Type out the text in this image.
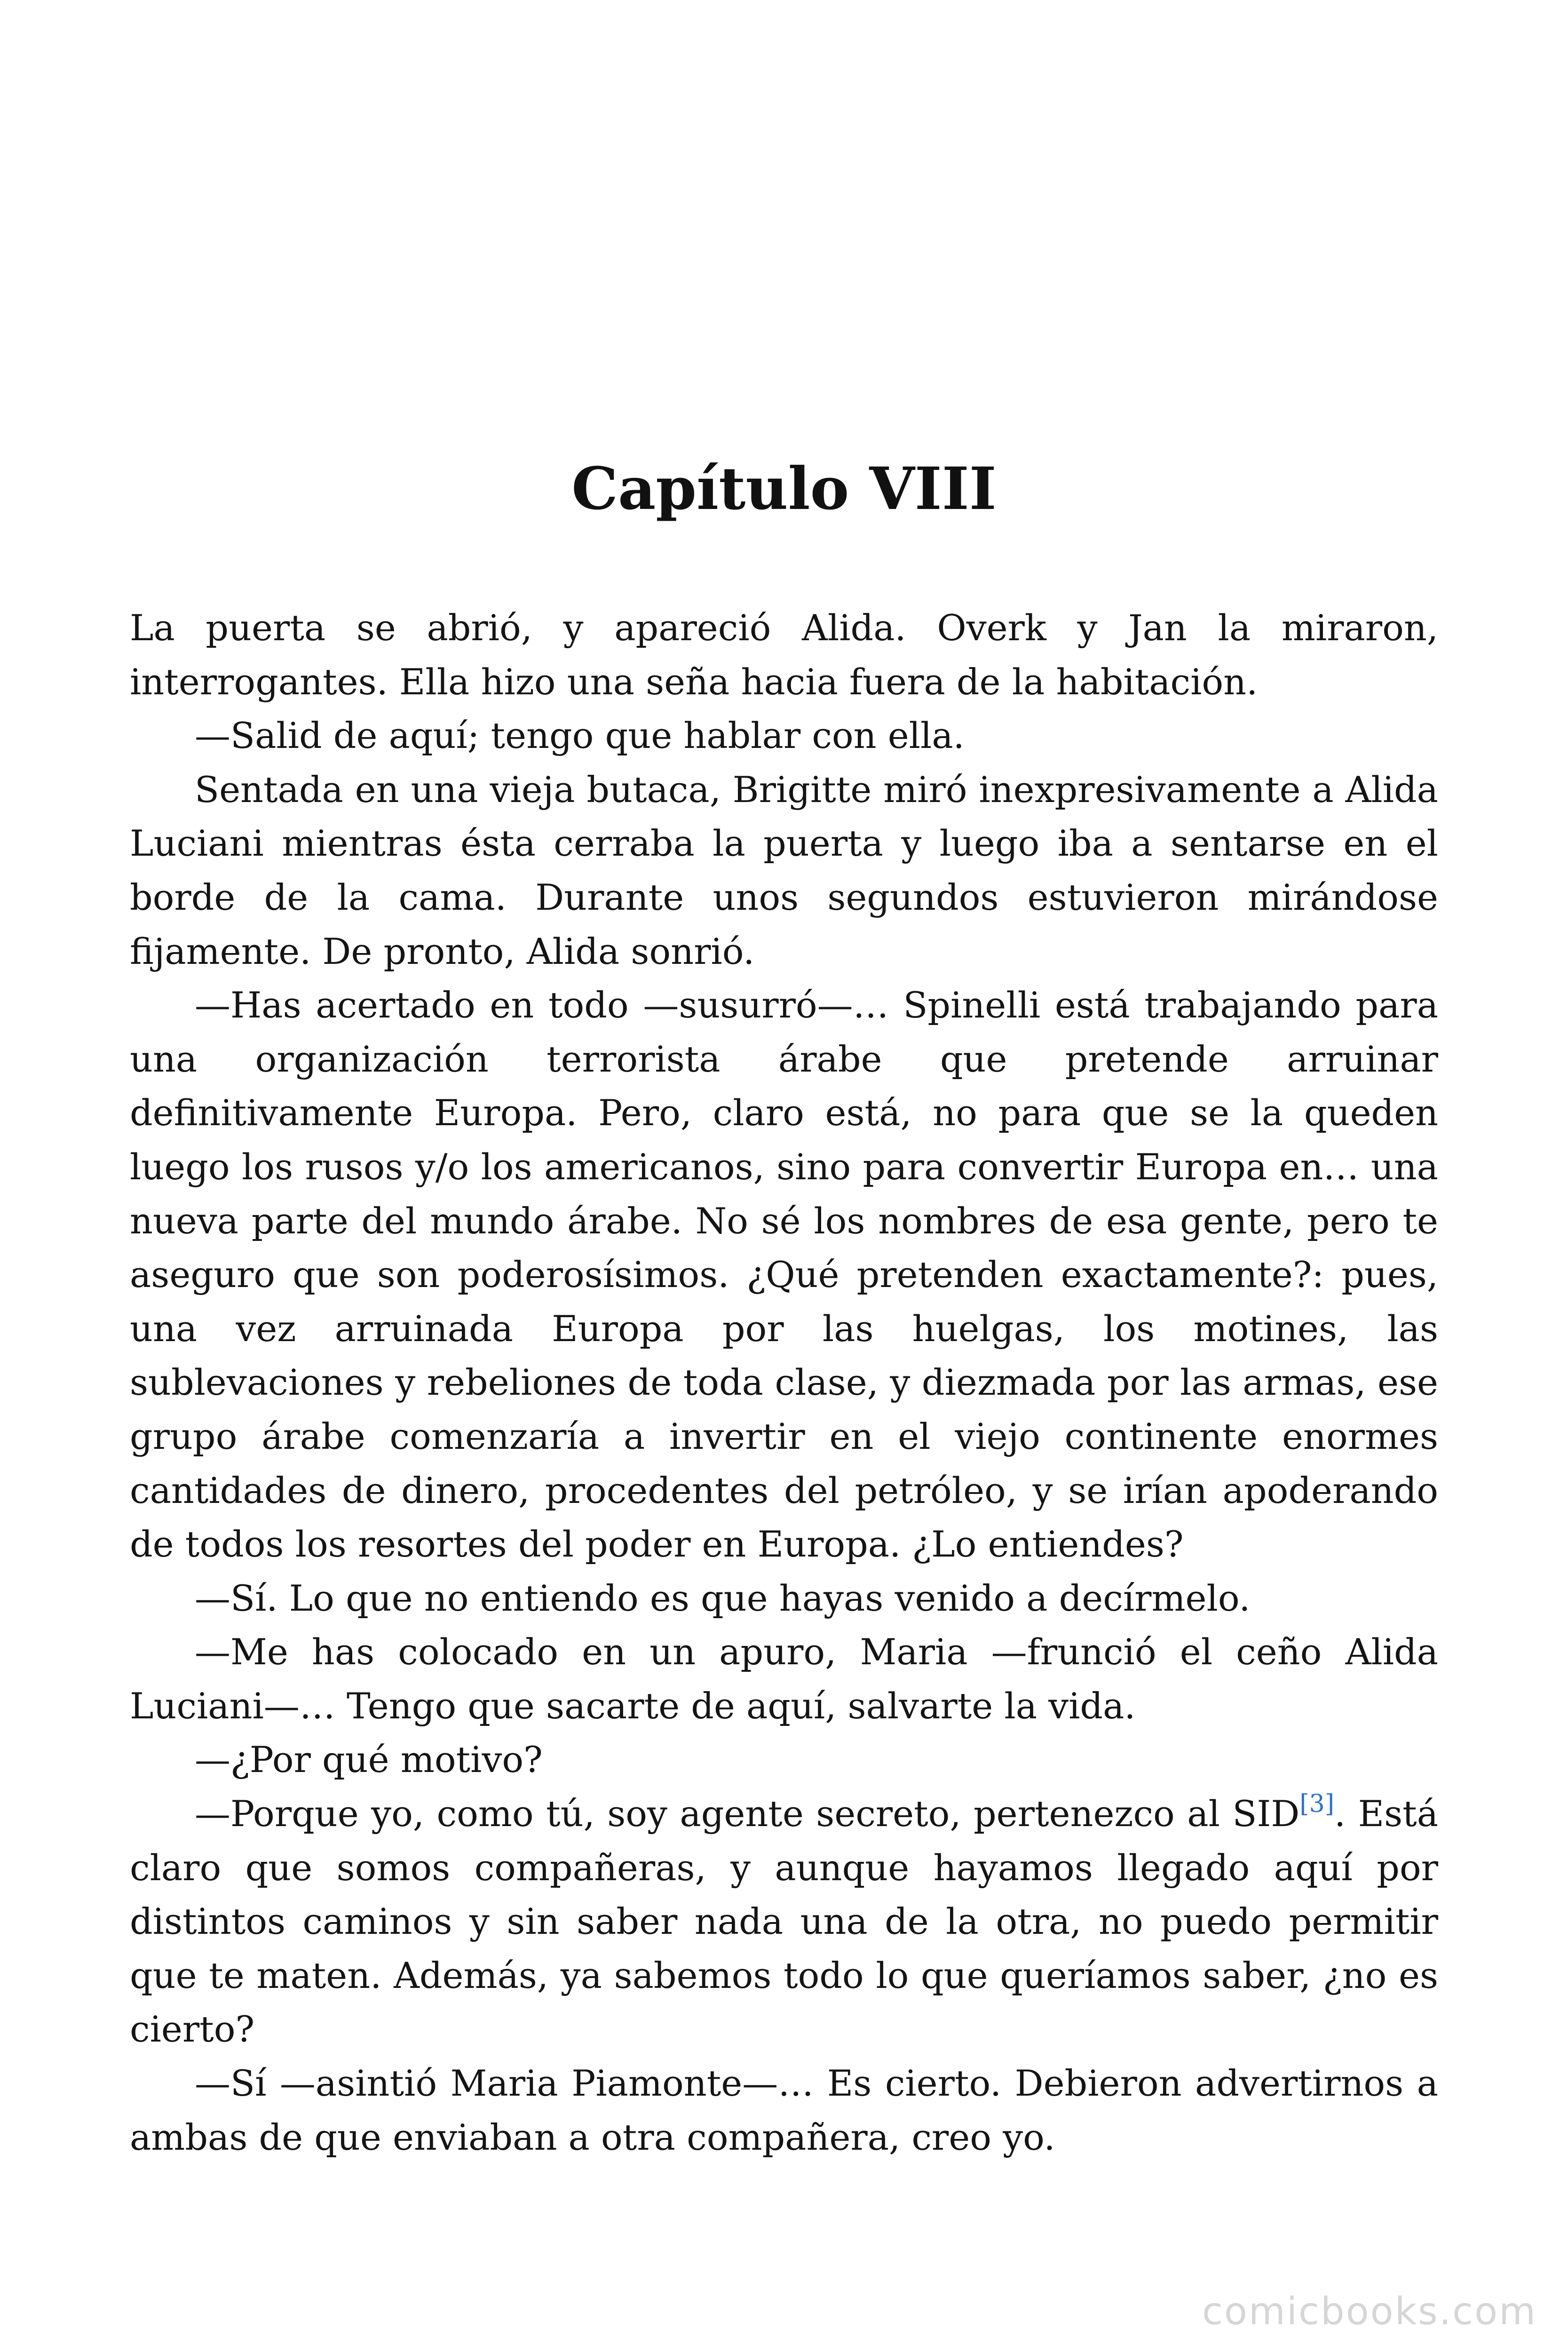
Capítulo VIII

La puerta se abrió, y apareció Alida. Overk y Jan la miraron, interrogantes. Ella hizo una seña hacia fuera de la habitación.

—Salid de aquí; tengo que hablar con ella.

Sentada en una vieja butaca, Brigitte miró inexpresivamente a Alida Luciani mientras ésta cerraba la puerta y luego iba a sentarse en el borde de la cama. Durante unos segundos estuvieron mirándose fijamente. De pronto, Alida sonrió.

—Has acertado en todo —susurró—… Spinelli está trabajando para una organización terrorista árabe que pretende arruinar definitivamente Europa. Pero, claro está, no para que se la queden luego los rusos y/o los americanos, sino para convertir Europa en… una nueva parte del mundo árabe. No sé los nombres de esa gente, pero te aseguro que son poderosísimos. ¿Qué pretenden exactamente?: pues, una vez arruinada Europa por las huelgas, los motines, las sublevaciones y rebeliones de toda clase, y diezmada por las armas, ese grupo árabe comenzaría a invertir en el viejo continente enormes cantidades de dinero, procedentes del petróleo, y se irían apoderando de todos los resortes del poder en Europa. ¿Lo entiendes?

—Sí. Lo que no entiendo es que hayas venido a decírmelo.

—Me has colocado en un apuro, Maria —frunció el ceño Alida Luciani—… Tengo que sacarte de aquí, salvarte la vida.

—¿Por qué motivo?

—Porque yo, como tú, soy agente secreto, pertenezco al SID[3]. Está claro que somos compañeras, y aunque hayamos llegado aquí por distintos caminos y sin saber nada una de la otra, no puedo permitir que te maten. Además, ya sabemos todo lo que queríamos saber, ¿no es cierto?

—Sí —asintió Maria Piamonte—… Es cierto. Debieron advertirnos a ambas de que enviaban a otra compañera, creo yo.

comicbooks.com
